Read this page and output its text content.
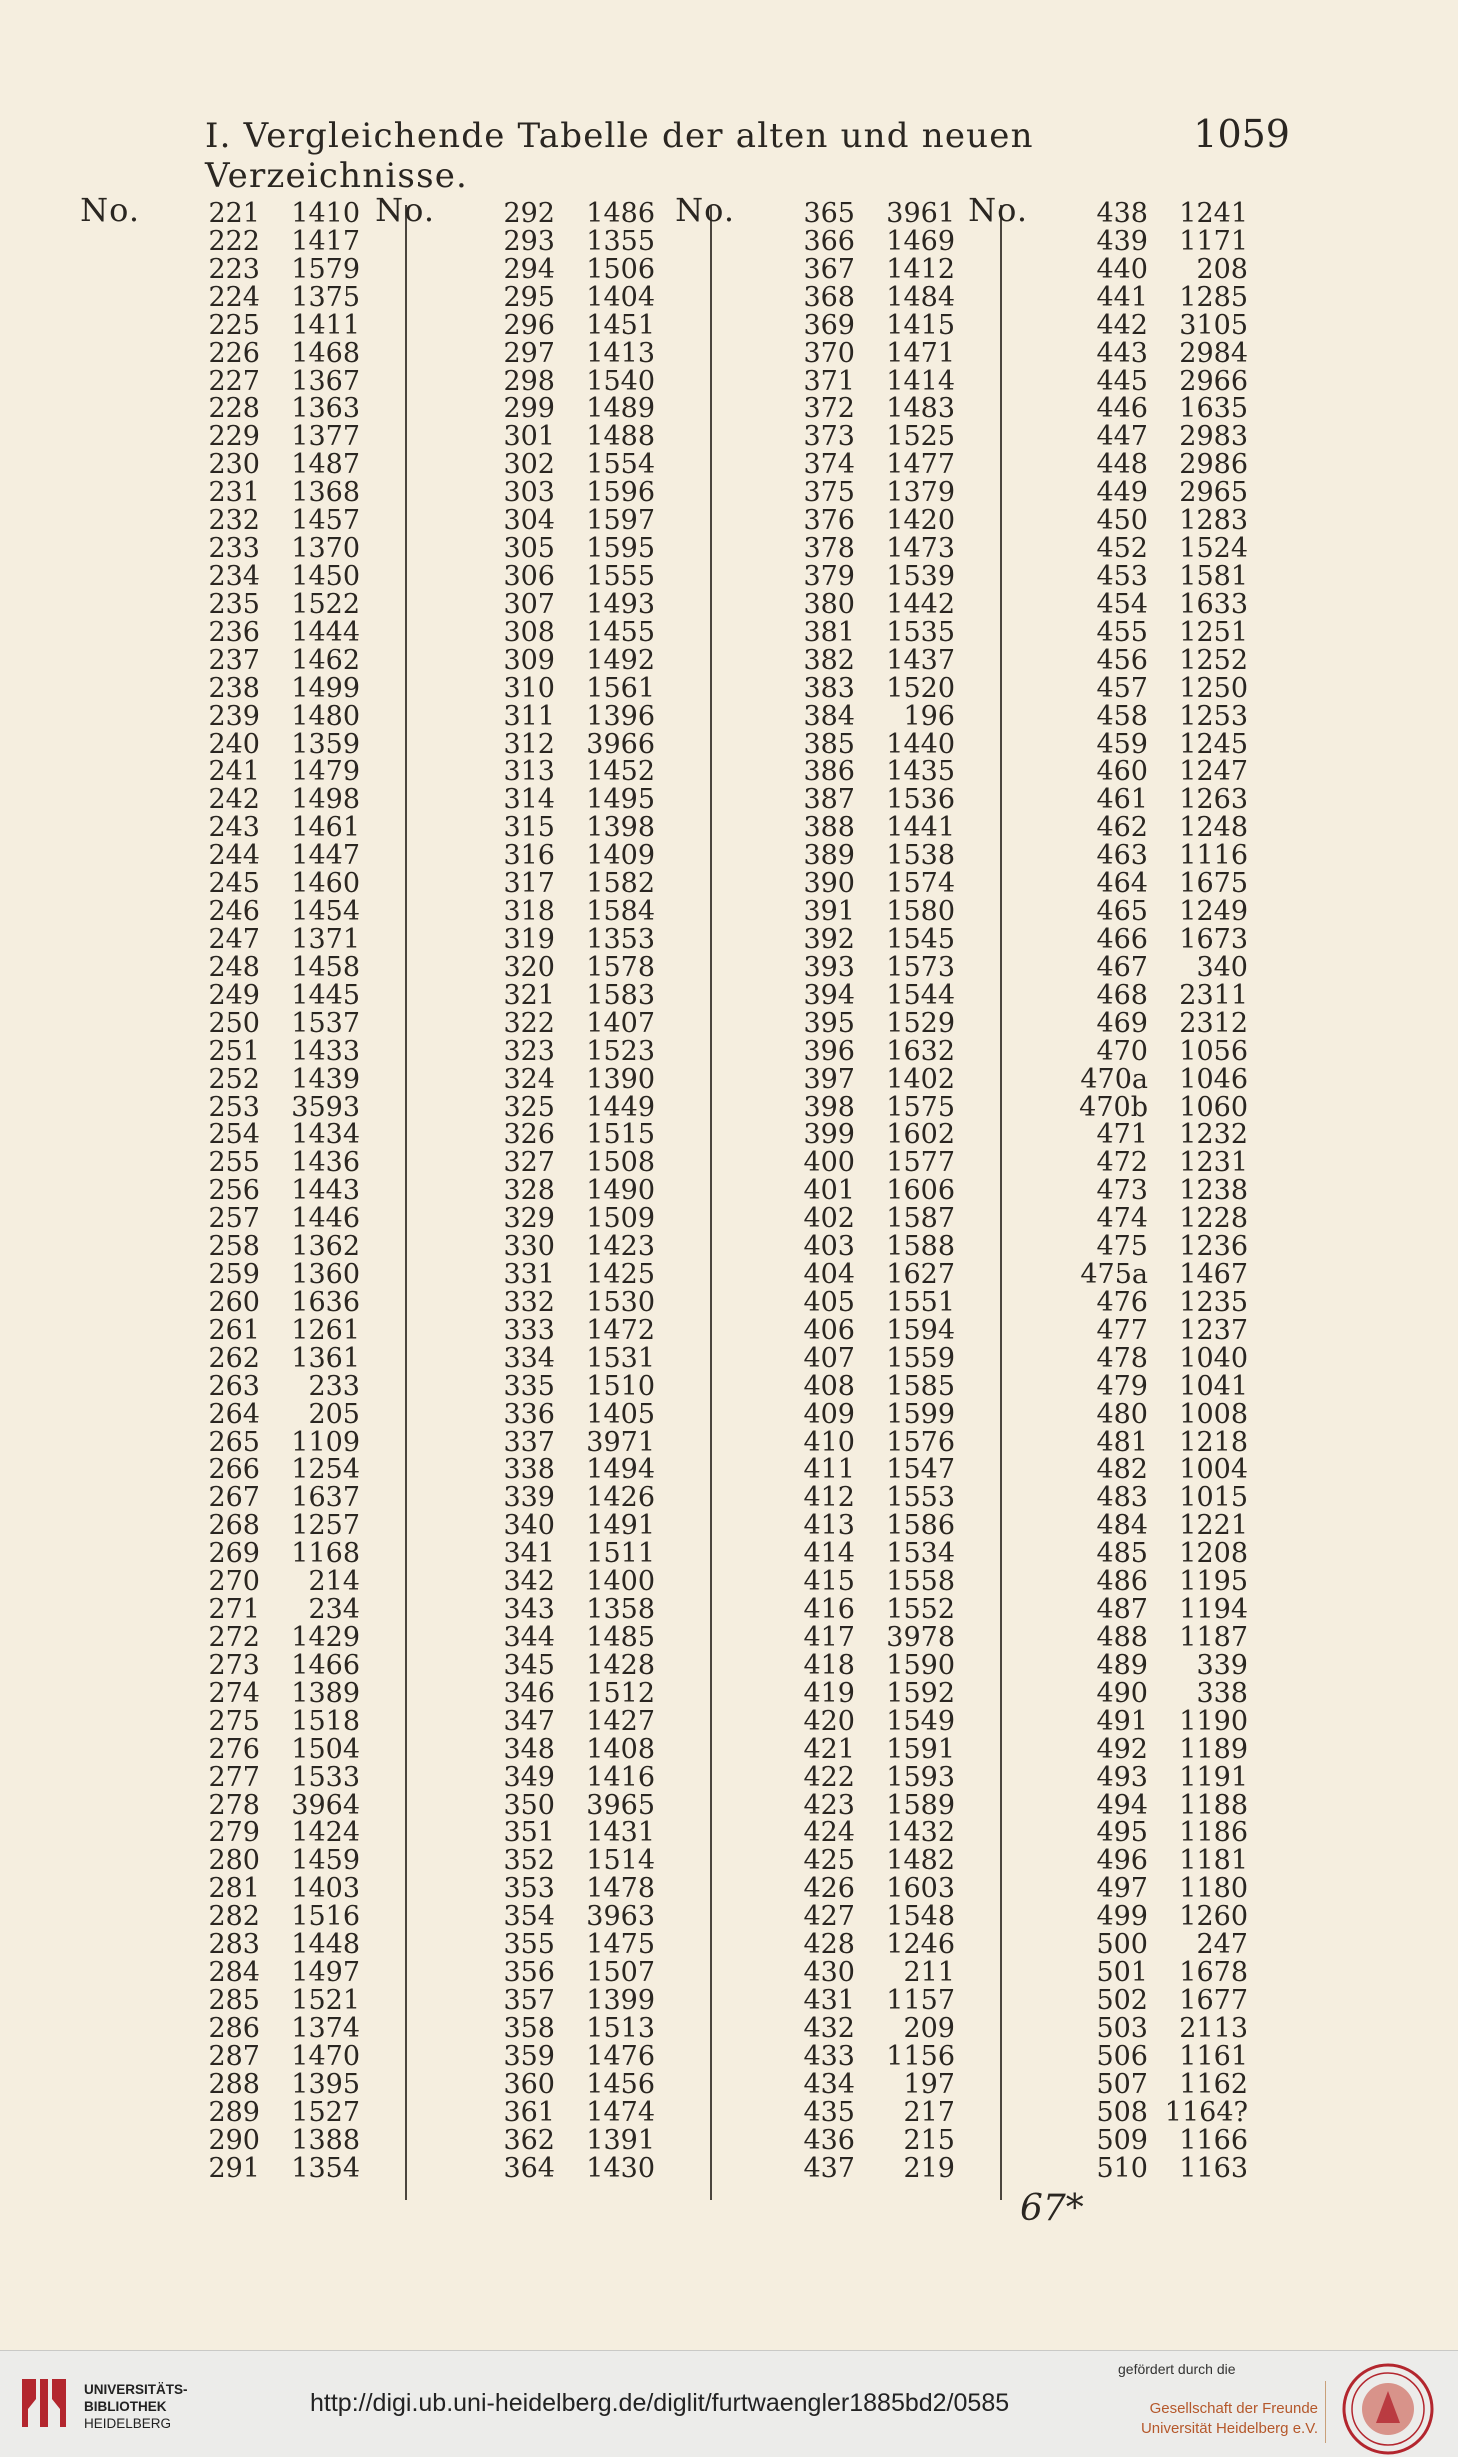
I. Vergleichende Tabelle der alten und neuen Verzeichnisse.
1059
No.	221	1410
222	1417
223	1579
224	1375
225	1411
226	1468
227	1367
228	1363
229	1377
230	1487
231	1368
232	1457
233	1370
234	1450
235	1522
236	1444
237	1462
238	1499
239	1480
240	1359
241	1479
242	1498
243	1461
244	1447
245	1460
246	1454
247	1371
248	1458
249	1445
250	1537
251	1433
252	1439
253	3593
254	1434
255	1436
256	1443
257	1446
258	1362
259	1360
260	1636
261	1261
262	1361
263	233
264	205
265	1109
266	1254
267	1637
268	1257
269	1168
270	214
271	234
272	1429
273	1466
274	1389
275	1518
276	1504
277	1533
278	3964
279	1424
280	1459
281	1403
282	1516
283	1448
284	1497
285	1521
286	1374
287	1470
288	1395
289	1527
290	1388
291	1354
No.	292	1486
293	1355
294	1506
295	1404
296	1451
297	1413
298	1540
299	1489
301	1488
302	1554
303	1596
304	1597
305	1595
306	1555
307	1493
308	1455
309	1492
310	1561
311	1396
312	3966
313	1452
314	1495
315	1398
316	1409
317	1582
318	1584
319	1353
320	1578
321	1583
322	1407
323	1523
324	1390
325	1449
326	1515
327	1508
328	1490
329	1509
330	1423
331	1425
332	1530
333	1472
334	1531
335	1510
336	1405
337	3971
338	1494
339	1426
340	1491
341	1511
342	1400
343	1358
344	1485
345	1428
346	1512
347	1427
348	1408
349	1416
350	3965
351	1431
352	1514
353	1478
354	3963
355	1475
356	1507
357	1399
358	1513
359	1476
360	1456
361	1474
362	1391
364	1430
No.	365	3961
366	1469
367	1412
368	1484
369	1415
370	1471
371	1414
372	1483
373	1525
374	1477
375	1379
376	1420
378	1473
379	1539
380	1442
381	1535
382	1437
383	1520
384	196
385	1440
386	1435
387	1536
388	1441
389	1538
390	1574
391	1580
392	1545
393	1573
394	1544
395	1529
396	1632
397	1402
398	1575
399	1602
400	1577
401	1606
402	1587
403	1588
404	1627
405	1551
406	1594
407	1559
408	1585
409	1599
410	1576
411	1547
412	1553
413	1586
414	1534
415	1558
416	1552
417	3978
418	1590
419	1592
420	1549
421	1591
422	1593
423	1589
424	1432
425	1482
426	1603
427	1548
428	1246
430	211
431	1157
432	209
433	1156
434	197
435	217
436	215
437	219
No.	438	1241
439	1171
440	208
441	1285
442	3105
443	2984
445	2966
446	1635
447	2983
448	2986
449	2965
450	1283
452	1524
453	1581
454	1633
455	1251
456	1252
457	1250
458	1253
459	1245
460	1247
461	1263
462	1248
463	1116
464	1675
465	1249
466	1673
467	340
468	2311
469	2312
470	1056
470a	1046
470b	1060
471	1232
472	1231
473	1238
474	1228
475	1236
475a	1467
476	1235
477	1237
478	1040
479	1041
480	1008
481	1218
482	1004
483	1015
484	1221
485	1208
486	1195
487	1194
488	1187
489	339
490	338
491	1190
492	1189
493	1191
494	1188
495	1186
496	1181
497	1180
499	1260
500	247
501	1678
502	1677
503	2113
506	1161
507	1162
508 1164?
509	1166
510	1163
67*
UNIVERSITÄTS-
BIBLIOTHEK
HEIDELBERG
http://digi.ub.uni-heidelberg.de/diglit/furtwaengler1885bd2/0585
gefördert durch die
Gesellschaft der Freunde
Universität Heidelberg e.V.
